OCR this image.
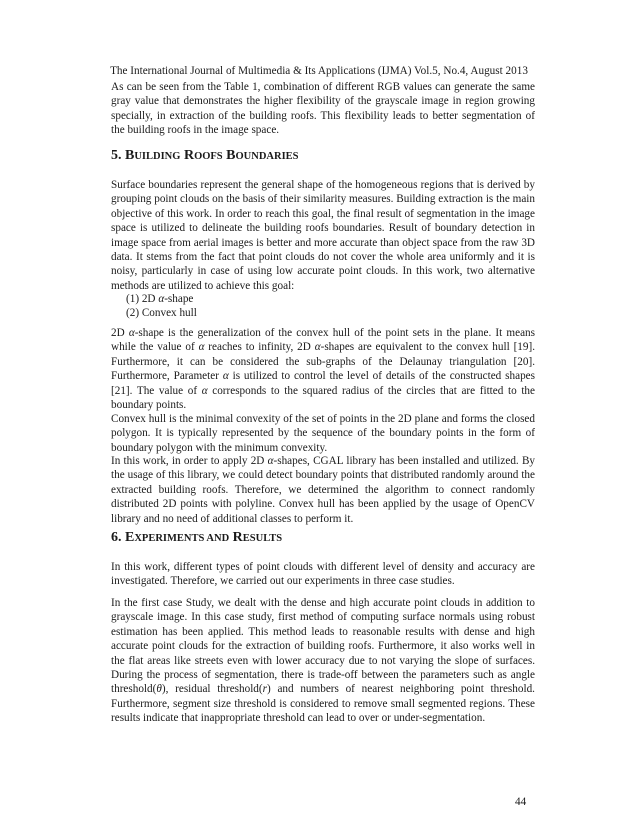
The International Journal of Multimedia & Its Applications (IJMA) Vol.5, No.4, August 2013

As can be seen from the Table 1, combination of different RGB values can generate the same gray value that demonstrates the higher flexibility of the grayscale image in region growing specially, in extraction of the building roofs. This flexibility leads to better segmentation of the building roofs in the image space.

5. BUILDING ROOFS BOUNDARIES

Surface boundaries represent the general shape of the homogeneous regions that is derived by grouping point clouds on the basis of their similarity measures. Building extraction is the main objective of this work. In order to reach this goal, the final result of segmentation in the image space is utilized to delineate the building roofs boundaries. Result of boundary detection in image space from aerial images is better and more accurate than object space from the raw 3D data. It stems from the fact that point clouds do not cover the whole area uniformly and it is noisy, particularly in case of using low accurate point clouds. In this work, two alternative methods are utilized to achieve this goal:

(1) 2D α-shape
(2) Convex hull

2D α-shape is the generalization of the convex hull of the point sets in the plane. It means while the value of α reaches to infinity, 2D α-shapes are equivalent to the convex hull [19]. Furthermore, it can be considered the sub-graphs of the Delaunay triangulation [20]. Furthermore, Parameter α is utilized to control the level of details of the constructed shapes [21]. The value of α corresponds to the squared radius of the circles that are fitted to the boundary points.

Convex hull is the minimal convexity of the set of points in the 2D plane and forms the closed polygon. It is typically represented by the sequence of the boundary points in the form of boundary polygon with the minimum convexity.

In this work, in order to apply 2D α-shapes, CGAL library has been installed and utilized. By the usage of this library, we could detect boundary points that distributed randomly around the extracted building roofs. Therefore, we determined the algorithm to connect randomly distributed 2D points with polyline. Convex hull has been applied by the usage of OpenCV library and no need of additional classes to perform it.

6. EXPERIMENTS AND RESULTS

In this work, different types of point clouds with different level of density and accuracy are investigated. Therefore, we carried out our experiments in three case studies.

In the first case Study, we dealt with the dense and high accurate point clouds in addition to grayscale image. In this case study, first method of computing surface normals using robust estimation has been applied. This method leads to reasonable results with dense and high accurate point clouds for the extraction of building roofs. Furthermore, it also works well in the flat areas like streets even with lower accuracy due to not varying the slope of surfaces. During the process of segmentation, there is trade-off between the parameters such as angle threshold(θ), residual threshold(r) and numbers of nearest neighboring point threshold. Furthermore, segment size threshold is considered to remove small segmented regions. These results indicate that inappropriate threshold can lead to over or under-segmentation.

44
